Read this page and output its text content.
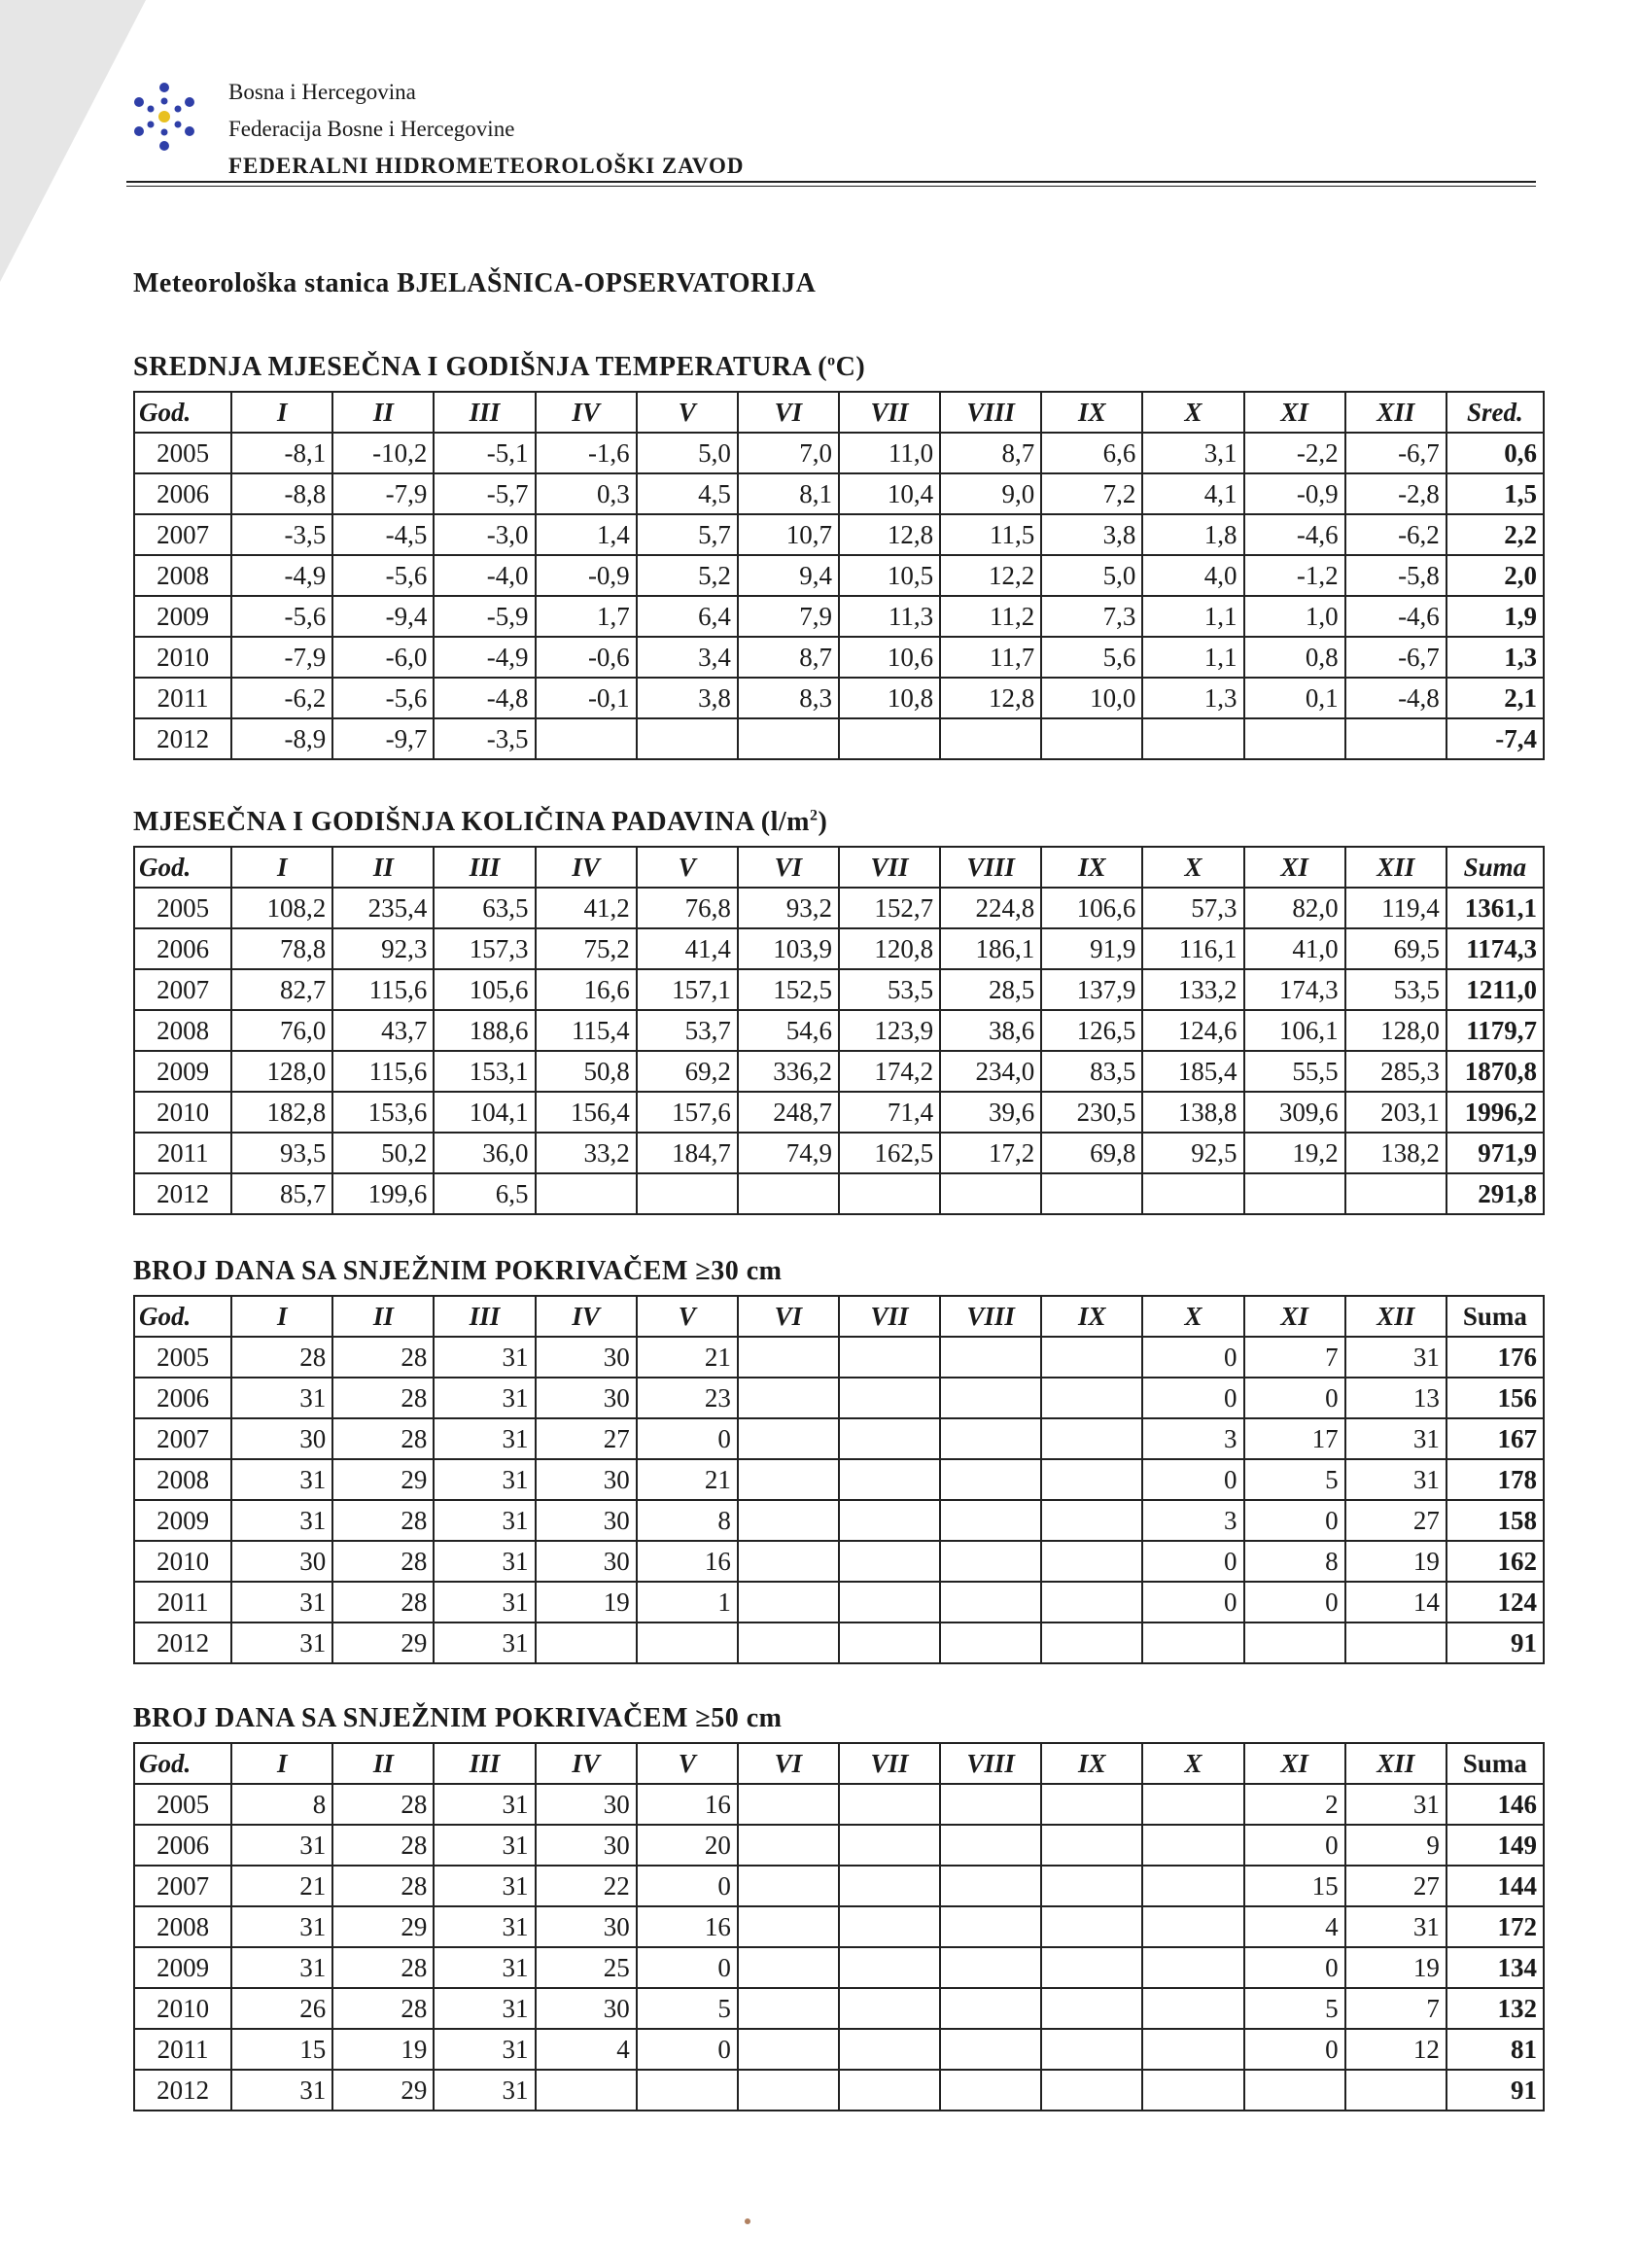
Bosna i Hercegovina
Federacija Bosne i Hercegovine
FEDERALNI HIDROMETEOROLOŠKI ZAVOD
Meteorološka stanica BJELAŠNICA-OPSERVATORIJA
SREDNJA MJESEČNA I GODIŠNJA TEMPERATURA ($^o$C)
God.	I	II	III	IV	V	VI	VII	VIII	IX	X	XI	XII	Sred.
2005	-8,1	-10,2	-5,1	-1,6	5,0	7,0	11,0	8,7	6,6	3,1	-2,2	-6,7	0,6
2006	-8,8	-7,9	-5,7	0,3	4,5	8,1	10,4	9,0	7,2	4,1	-0,9	-2,8	1,5
2007	-3,5	-4,5	-3,0	1,4	5,7	10,7	12,8	11,5	3,8	1,8	-4,6	-6,2	2,2
2008	-4,9	-5,6	-4,0	-0,9	5,2	9,4	10,5	12,2	5,0	4,0	-1,2	-5,8	2,0
2009	-5,6	-9,4	-5,9	1,7	6,4	7,9	11,3	11,2	7,3	1,1	1,0	-4,6	1,9
2010	-7,9	-6,0	-4,9	-0,6	3,4	8,7	10,6	11,7	5,6	1,1	0,8	-6,7	1,3
2011	-6,2	-5,6	-4,8	-0,1	3,8	8,3	10,8	12,8	10,0	1,3	0,1	-4,8	2,1
2012	-8,9	-9,7	-3,5										-7,4
MJESEČNA I GODIŠNJA KOLIČINA PADAVINA $(l/m^2)$
God.	I	II	III	IV	V	VI	VII	VIII	IX	X	XI	XII	Suma
2005	108,2	235,4	63,5	41,2	76,8	93,2	152,7	224,8	106,6	57,3	82,0	119,4	1361,1
2006	78,8	92,3	157,3	75,2	41,4	103,9	120,8	186,1	91,9	116,1	41,0	69,5	1174,3
2007	82,7	115,6	105,6	16,6	157,1	152,5	53,5	28,5	137,9	133,2	174,3	53,5	1211,0
2008	76,0	43,7	188,6	115,4	53,7	54,6	123,9	38,6	126,5	124,6	106,1	128,0	1179,7
2009	128,0	115,6	153,1	50,8	69,2	336,2	174,2	234,0	83,5	185,4	55,5	285,3	1870,8
2010	182,8	153,6	104,1	156,4	157,6	248,7	71,4	39,6	230,5	138,8	309,6	203,1	1996,2
2011	93,5	50,2	36,0	33,2	184,7	74,9	162,5	17,2	69,8	92,5	19,2	138,2	971,9
2012	85,7	199,6	6,5										291,8
BROJ DANA SA SNJEŽNIM POKRIVAČEM ≥30 cm
God.	I	II	III	IV	V	VI	VII	VIII	IX	X	XI	XII	Suma
2005	28	28	31	30	21					0	7	31	176
2006	31	28	31	30	23					0	0	13	156
2007	30	28	31	27	0					3	17	31	167
2008	31	29	31	30	21					0	5	31	178
2009	31	28	31	30	8					3	0	27	158
2010	30	28	31	30	16					0	8	19	162
2011	31	28	31	19	1					0	0	14	124
2012	31	29	31										91
BROJ DANA SA SNJEŽNIM POKRIVAČEM ≥50 cm
God.	I	II	III	IV	V	VI	VII	VIII	IX	X	XI	XII	Suma
2005	8	28	31	30	16						2	31	146
2006	31	28	31	30	20						0	9	149
2007	21	28	31	22	0						15	27	144
2008	31	29	31	30	16						4	31	172
2009	31	28	31	25	0						0	19	134
2010	26	28	31	30	5						5	7	132
2011	15	19	31	4	0						0	12	81
2012	31	29	31										91
